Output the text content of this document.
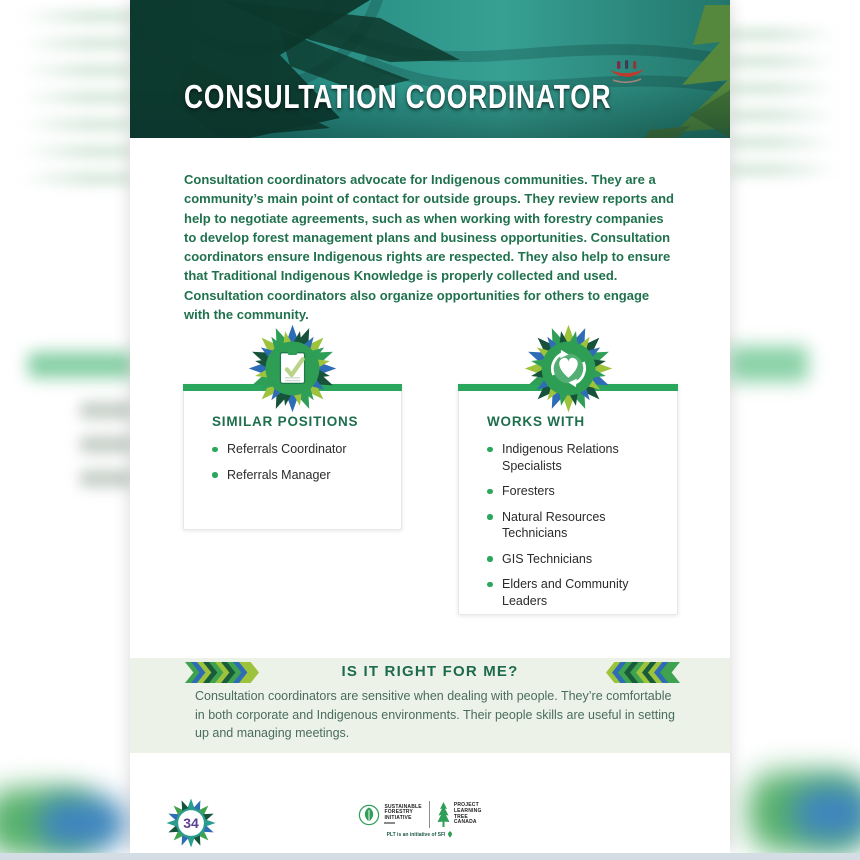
CONSULTATION COORDINATOR

Consultation coordinators advocate for Indigenous communities. They are a community’s main point of contact for outside groups. They review reports and help to negotiate agreements, such as when working with forestry companies to develop forest management plans and business opportunities. Consultation coordinators ensure Indigenous rights are respected. They also help to ensure that Traditional Indigenous Knowledge is properly collected and used. Consultation coordinators also organize opportunities for others to engage with the community.

SIMILAR POSITIONS
Referrals Coordinator
Referrals Manager
WORKS WITH
Indigenous Relations Specialists
Foresters
Natural Resources Technicians
GIS Technicians
Elders and Community Leaders
IS IT RIGHT FOR ME?
Consultation coordinators are sensitive when dealing with people. They’re comfortable in both corporate and Indigenous environments. Their people skills are useful in setting up and managing meetings.
34
SUSTAINABLE
FORESTRY
INITIATIVE
PROJECT
LEARNING
TREE
CANADA
PLT is an initiative of SFI
